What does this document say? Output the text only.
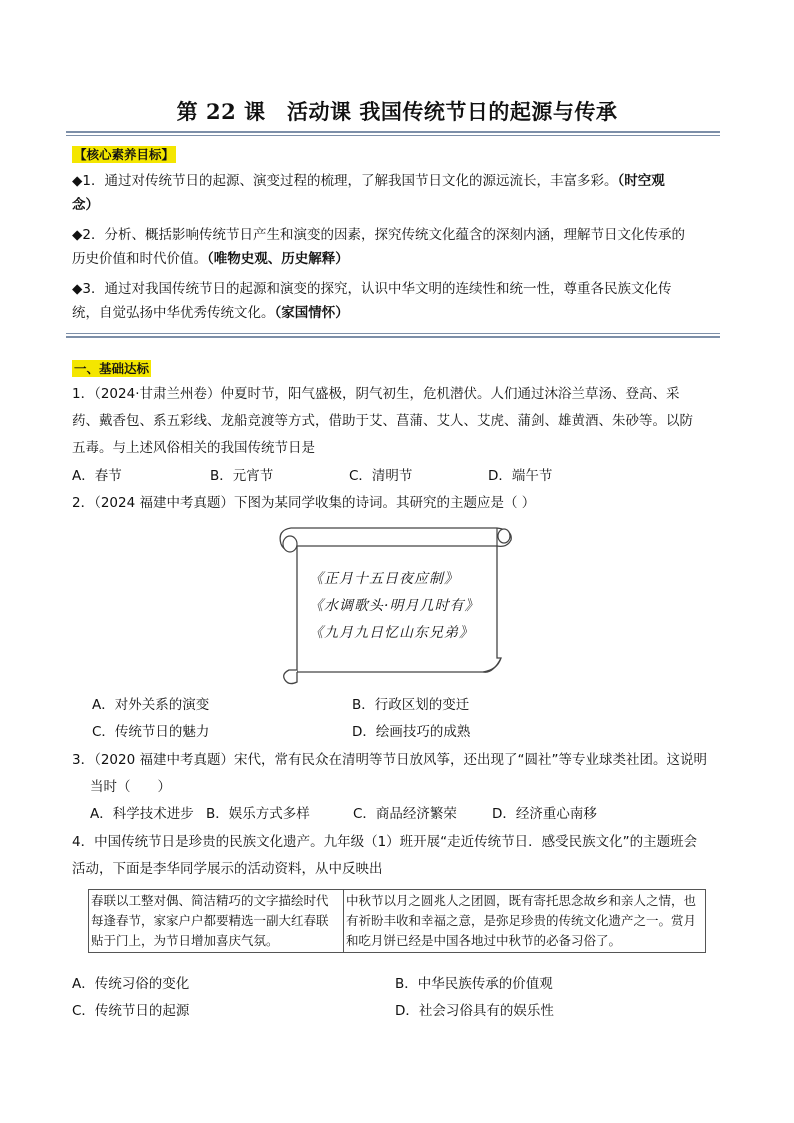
第 22 课　活动课 我国传统节日的起源与传承
【核心素养目标】
◆1．通过对传统节日的起源、演变过程的梳理，了解我国节日文化的源远流长，丰富多彩。（时空观
念）
◆2．分析、概括影响传统节日产生和演变的因素，探究传统文化蕴含的深刻内涵，理解节日文化传承的
历史价值和时代价值。（唯物史观、历史解释）
◆3．通过对我国传统节日的起源和演变的探究，认识中华文明的连续性和统一性，尊重各民族文化传
统，自觉弘扬中华优秀传统文化。（家国情怀）
一、基础达标
1．（2024·甘肃兰州卷）仲夏时节，阳气盛极，阴气初生，危机潜伏。人们通过沐浴兰草汤、登高、采
药、戴香包、系五彩线、龙船竞渡等方式，借助于艾、菖蒲、艾人、艾虎、蒲剑、雄黄酒、朱砂等。以防
五毒。与上述风俗相关的我国传统节日是
A．春节	B．元宵节	C．清明节	D．端午节
2．（2024 福建中考真题）下图为某同学收集的诗词。其研究的主题应是（ ）
《正月十五日夜应制》
《水调歌头·明月几时有》
《九月九日忆山东兄弟》
A．对外关系的演变	B．行政区划的变迁
C．传统节日的魅力	D．绘画技巧的成熟
3．（2020 福建中考真题）宋代，常有民众在清明等节日放风筝，还出现了“圆社”等专业球类社团。这说明
当时（　　）
A．科学技术进步 B．娱乐方式多样	C．商品经济繁荣	D．经济重心南移
4．中国传统节日是珍贵的民族文化遗产。九年级（1）班开展“走近传统节日．感受民族文化”的主题班会
活动，下面是李华同学展示的活动资料，从中反映出
春联以工整对偶、简洁精巧的文字描绘时代
每逢春节，家家户户都要精选一副大红春联
贴于门上，为节日增加喜庆气氛。

中秋节以月之圆兆人之团圆，既有寄托思念故乡和亲人之情，也
有祈盼丰收和幸福之意，是弥足珍贵的传统文化遗产之一。赏月
和吃月饼已经是中国各地过中秋节的必备习俗了。
A．传统习俗的变化	B．中华民族传承的价值观
C．传统节日的起源	D．社会习俗具有的娱乐性
